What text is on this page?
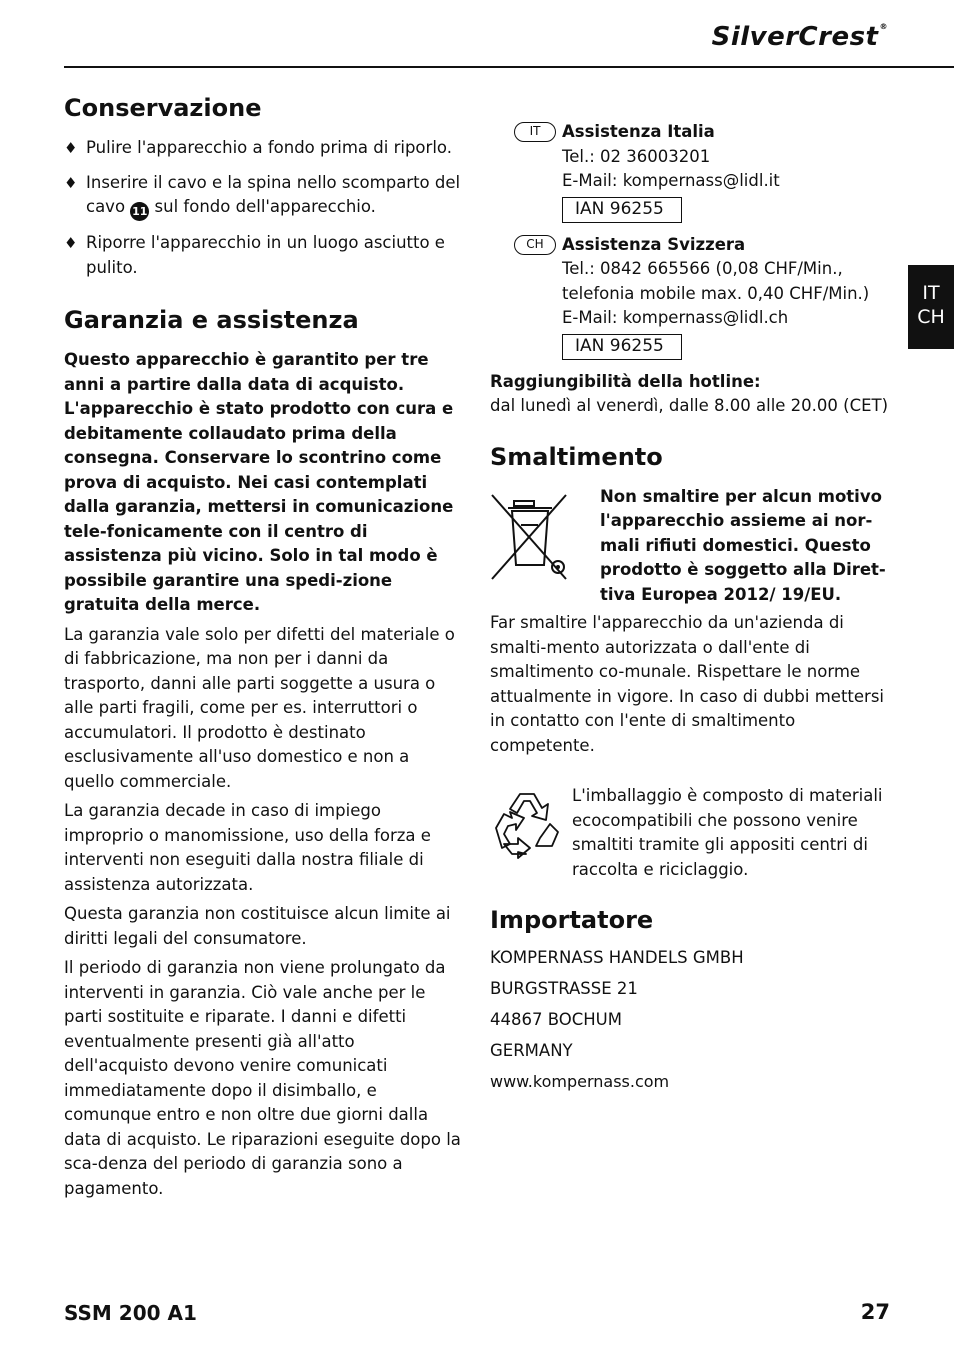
SilverCrest®
IT
CH
Conservazione
♦ Pulire l'apparecchio a fondo prima di riporlo.
♦ Inserire il cavo e la spina nello scomparto del cavo 11 sul fondo dell'apparecchio.
♦ Riporre l'apparecchio in un luogo asciutto e pulito.
Garanzia e assistenza

Questo apparecchio è garantito per tre anni a partire dalla data di acquisto. L'apparecchio è stato prodotto con cura e debitamente collaudato prima della consegna. Conservare lo scontrino come prova di acquisto. Nei casi contemplati dalla garanzia, mettersi in comunicazione tele-fonicamente con il centro di assistenza più vicino. Solo in tal modo è possibile garantire una spedi-zione gratuita della merce.

La garanzia vale solo per difetti del materiale o di fabbricazione, ma non per i danni da trasporto, danni alle parti soggette a usura o alle parti fragili, come per es. interruttori o accumulatori. Il prodotto è destinato esclusivamente all'uso domestico e non a quello commerciale.

La garanzia decade in caso di impiego improprio o manomissione, uso della forza e interventi non eseguiti dalla nostra filiale di assistenza autorizzata.

Questa garanzia non costituisce alcun limite ai diritti legali del consumatore.

Il periodo di garanzia non viene prolungato da interventi in garanzia. Ciò vale anche per le parti sostituite e riparate. I danni e difetti eventualmente presenti già all'atto dell'acquisto devono venire comunicati immediatamente dopo il disimballo, e comunque entro e non oltre due giorni dalla data di acquisto. Le riparazioni eseguite dopo la sca-denza del periodo di garanzia sono a pagamento.

IT	Assistenza Italia

Tel.: 02 36003201

E-Mail: kompernass@lidl.it

IAN 96255
CH	Assistenza Svizzera

Tel.: 0842 665566 (0,08 CHF/Min.,

telefonia mobile max. 0,40 CHF/Min.)

E-Mail: kompernass@lidl.ch

IAN 96255

Raggiungibilità della hotline:

dal lunedì al venerdì, dalle 8.00 alle 20.00 (CET)

Smaltimento

Non smaltire per alcun motivo l'apparecchio assieme ai nor-mali rifiuti domestici. Questo prodotto è soggetto alla Diret-tiva Europea 2012/ 19/EU.

Far smaltire l'apparecchio da un'azienda di smalti-mento autorizzata o dall'ente di smaltimento co-munale. Rispettare le norme attualmente in vigore. In caso di dubbi mettersi in contatto con l'ente di smaltimento competente.

L'imballaggio è composto di materiali ecocompatibili che possono venire smaltiti tramite gli appositi centri di raccolta e riciclaggio.

Importatore

KOMPERNASS HANDELS GMBH

BURGSTRASSE 21

44867 BOCHUM

GERMANY

www.kompernass.com

SSM 200 A1	27
